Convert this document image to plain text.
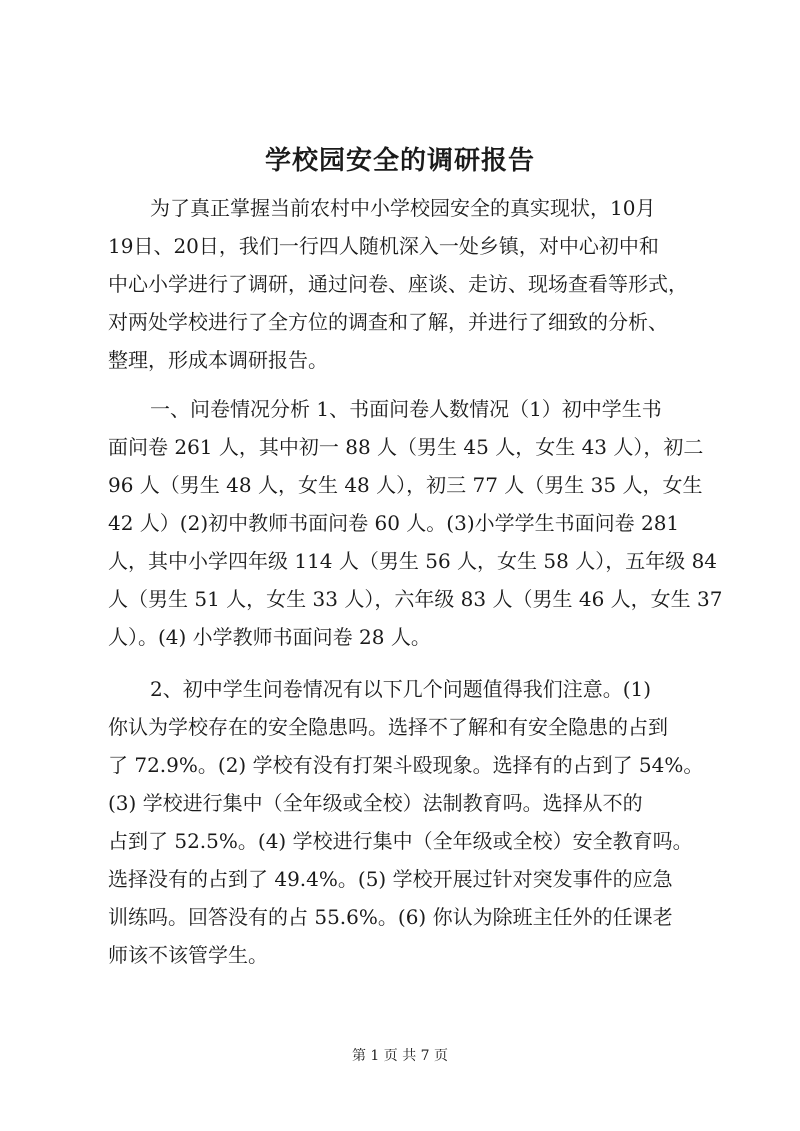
学校园安全的调研报告
为了真正掌握当前农村中小学校园安全的真实现状，10月
19日、20日，我们一行四人随机深入一处乡镇，对中心初中和
中心小学进行了调研，通过问卷、座谈、走访、现场查看等形式，
对两处学校进行了全方位的调查和了解，并进行了细致的分析、
整理，形成本调研报告。
一、问卷情况分析 1、书面问卷人数情况（1）初中学生书
面问卷 261 人，其中初一 88 人（男生 45 人，女生 43 人），初二
96 人（男生 48 人，女生 48 人），初三 77 人（男生 35 人，女生
42 人）(2)初中教师书面问卷 60 人。(3)小学学生书面问卷 281
人，其中小学四年级 114 人（男生 56 人，女生 58 人），五年级 84
人（男生 51 人，女生 33 人），六年级 83 人（男生 46 人，女生 37
人）。(4) 小学教师书面问卷 28 人。
2、初中学生问卷情况有以下几个问题值得我们注意。(1)
你认为学校存在的安全隐患吗。选择不了解和有安全隐患的占到
了 72.9%。(2) 学校有没有打架斗殴现象。选择有的占到了 54%。
(3) 学校进行集中（全年级或全校）法制教育吗。选择从不的
占到了 52.5%。(4) 学校进行集中（全年级或全校）安全教育吗。
选择没有的占到了 49.4%。(5) 学校开展过针对突发事件的应急
训练吗。回答没有的占 55.6%。(6) 你认为除班主任外的任课老
师该不该管学生。
第 1 页 共 7 页
